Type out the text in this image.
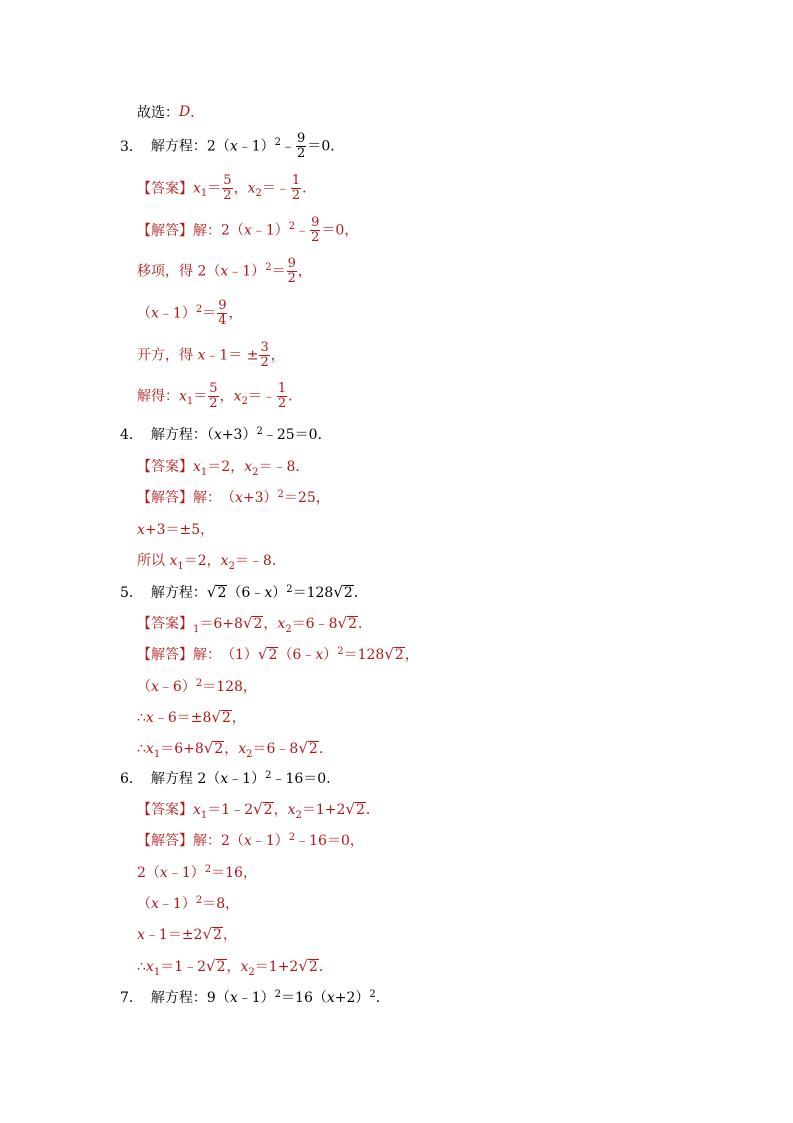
故选： D ．
3． 解方程：2（x﹣1）$^2$﹣ $\frac{9}{2} =0$．
【答案】 $x_1= \frac{5}{2}$ ，$x_2=﹣ \frac{1}{2}$ ．
【解答】 解： 2（x﹣1）$^2$﹣ $\frac{9}{2} =0$，
移项，得 2（x﹣1）$^2$＝ $\frac{9}{2}$ ，
（x﹣1）$^2$＝ $\frac{9}{4}$ ，
开方，得 x﹣1＝ ± $\frac{3}{2}$ ，
解得：$x_1= \frac{5}{2}$ ，$x_2=﹣ \frac{1}{2}$ ．
4． 解方程：$(x+3)^2﹣25=0$．
【答案】 $x_1=2$，$x_2=﹣8$．
【解答】 解： $(x+3)^2=25$，
x+3＝±5，
所以 $x_1=2$，$x_2=﹣8$．
5． 解方程： √ 2 （6﹣x）$^2$＝128 √ 2 ．
【答案】 $_1$＝6+8 √ 2 ，$x_2=6﹣8$ √ 2 ．
【解答】 解： （1） √ 2 （6﹣x）$^2$＝128 √ 2 ，
（x﹣6）$^2$＝128，
∴x﹣6＝±8 √ 2 ，
$\therefore x_1=6+8$ √ 2 ，$x_2=6﹣8$ √ 2 ．
6． 解方程 2（x﹣1）$^2$﹣16＝0．
【答案】 $x_1=1﹣2$ √ 2 ，$x_2=1+2$ √ 2 ．
【解答】 解： 2（x﹣1）$^2$﹣16＝0，
2（x﹣1）$^2$＝16，
（x﹣1）$^2$＝8，
x﹣1＝±2 √ 2 ，
$\therefore x_1=1﹣2$ √ 2 ，$x_2=1+2$ √ 2 ．
7． 解方程：$9(x﹣1)^2=16(x+2)^2$．
